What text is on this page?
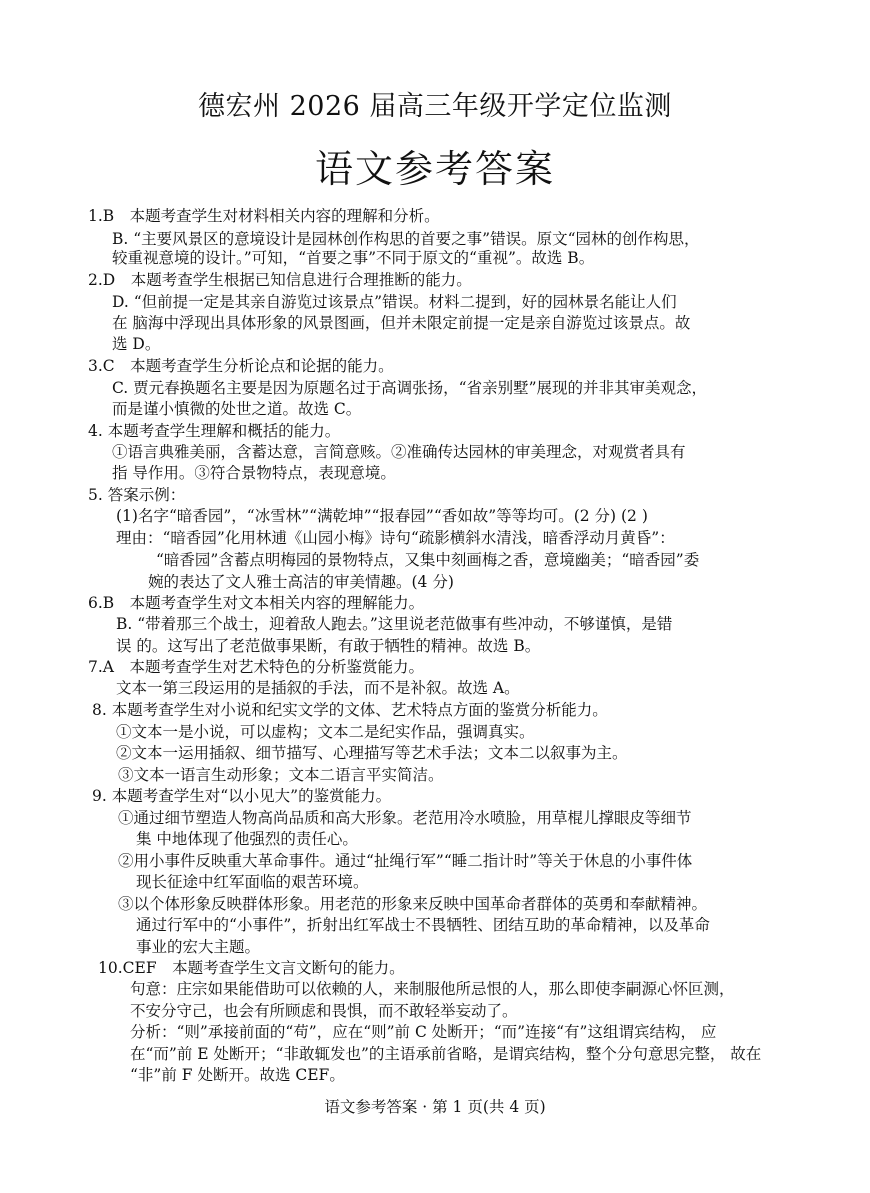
德宏州 2026 届高三年级开学定位监测
语文参考答案
1.B　本题考查学生对材料相关内容的理解和分析。
B. “主要风景区的意境设计是园林创作构思的首要之事”错误。原文“园林的创作构思，
较重视意境的设计。”可知，“首要之事”不同于原文的“重视”。故选 B。
2.D　本题考查学生根据已知信息进行合理推断的能力。
D. “但前提一定是其亲自游览过该景点”错误。材料二提到，好的园林景名能让人们
在 脑海中浮现出具体形象的风景图画，但并未限定前提一定是亲自游览过该景点。故
选 D。
3.C　本题考查学生分析论点和论据的能力。
C. 贾元春换题名主要是因为原题名过于高调张扬，“省亲别墅”展现的并非其审美观念，
而是谨小慎微的处世之道。故选 C。
4. 本题考查学生理解和概括的能力。
①语言典雅美丽，含蓄达意，言简意赅。②准确传达园林的审美理念，对观赏者具有
指 导作用。③符合景物特点，表现意境。
5. 答案示例：
(1)名字“暗香园”，“冰雪林”“满乾坤”“报春园”“香如故”等等均可。(2 分) (2 )
理由：“暗香园”化用林逋《山园小梅》诗句“疏影横斜水清浅，暗香浮动月黄昏”：
“暗香园”含蓄点明梅园的景物特点，又集中刻画梅之香，意境幽美；“暗香园”委
婉的表达了文人雅士高洁的审美情趣。(4 分)
6.B　本题考查学生对文本相关内容的理解能力。
B. “带着那三个战士，迎着敌人跑去。”这里说老范做事有些冲动，不够谨慎，是错
误 的。这写出了老范做事果断，有敢于牺牲的精神。故选 B。
7.A　本题考查学生对艺术特色的分析鉴赏能力。
文本一第三段运用的是插叙的手法，而不是补叙。故选 A。
8. 本题考查学生对小说和纪实文学的文体、艺术特点方面的鉴赏分析能力。
①文本一是小说，可以虚构；文本二是纪实作品，强调真实。
②文本一运用插叙、细节描写、心理描写等艺术手法；文本二以叙事为主。
③文本一语言生动形象；文本二语言平实简洁。
9. 本题考查学生对“以小见大”的鉴赏能力。
①通过细节塑造人物高尚品质和高大形象。老范用冷水喷脸，用草棍儿撑眼皮等细节
集 中地体现了他强烈的责任心。
②用小事件反映重大革命事件。通过“扯绳行军”“睡二指计时”等关于休息的小事件体
现长征途中红军面临的艰苦环境。
③以个体形象反映群体形象。用老范的形象来反映中国革命者群体的英勇和奉献精神。
通过行军中的“小事件”，折射出红军战士不畏牺牲、团结互助的革命精神，以及革命
事业的宏大主题。
10.CEF　本题考查学生文言文断句的能力。
句意：庄宗如果能借助可以依赖的人，来制服他所忌恨的人，那么即使李嗣源心怀叵测，
不安分守己，也会有所顾虑和畏惧，而不敢轻举妄动了。
分析：“则”承接前面的“苟”，应在“则”前 C 处断开；“而”连接“有”这组谓宾结构， 应
在“而”前 E 处断开；“非敢辄发也”的主语承前省略，是谓宾结构，整个分句意思完整， 故在
“非”前 F 处断开。故选 CEF。
语文参考答案 · 第 1 页(共 4 页)
